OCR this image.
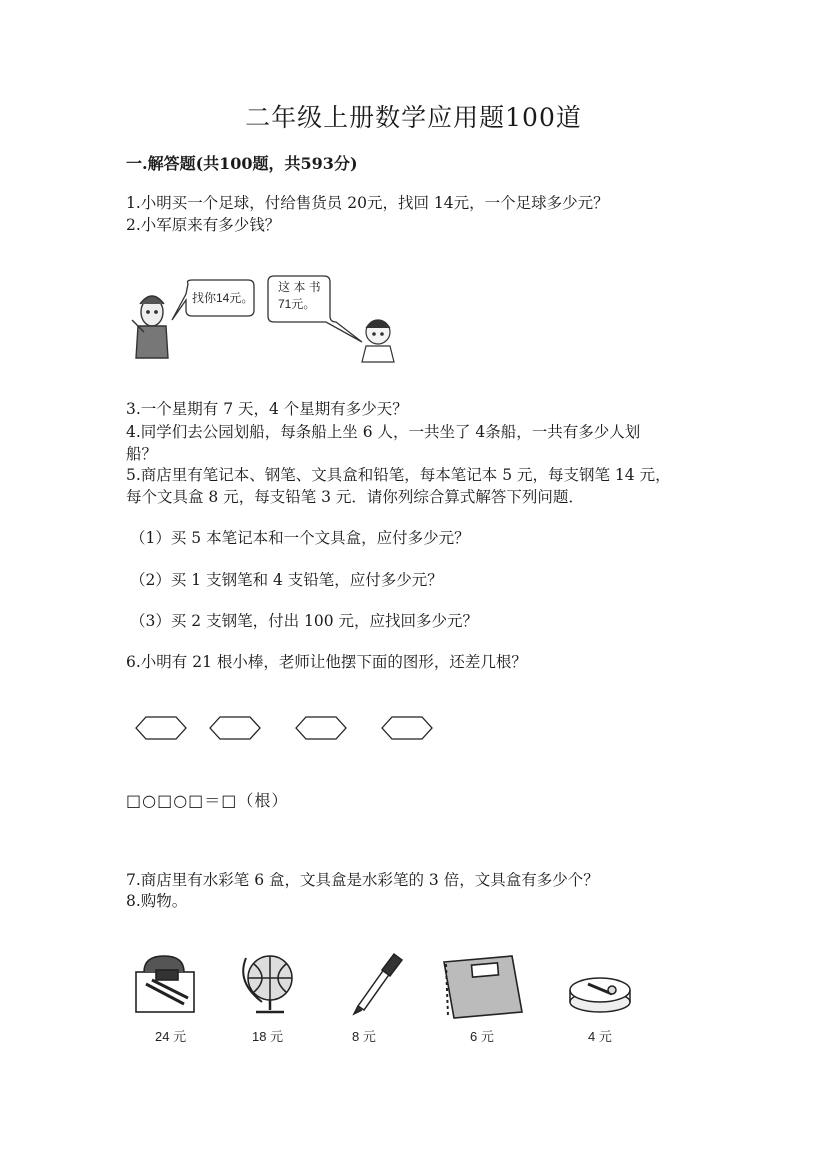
二年级上册数学应用题100道
一.解答题(共100题，共593分)
1.小明买一个足球，付给售货员 20元，找回 14元，一个足球多少元？
2.小军原来有多少钱？
找你14元。
这 本 书
71元。
3.一个星期有 7 天，4 个星期有多少天？
4.同学们去公园划船，每条船上坐 6 人，一共坐了 4条船，一共有多少人划
船？
5.商店里有笔记本、钢笔、文具盒和铅笔，每本笔记本 5 元，每支钢笔 14 元，
每个文具盒 8 元，每支铅笔 3 元．请你列综合算式解答下列问题．
（1）买 5 本笔记本和一个文具盒，应付多少元？
（2）买 1 支钢笔和 4 支铅笔，应付多少元？
（3）买 2 支钢笔，付出 100 元，应找回多少元？
6.小明有 21 根小棒，老师让他摆下面的图形，还差几根？
□○□○□＝□（根）
7.商店里有水彩笔 6 盒，文具盒是水彩笔的 3 倍，文具盒有多少个？
8.购物。
24 元	18 元	8 元	6 元	4 元
